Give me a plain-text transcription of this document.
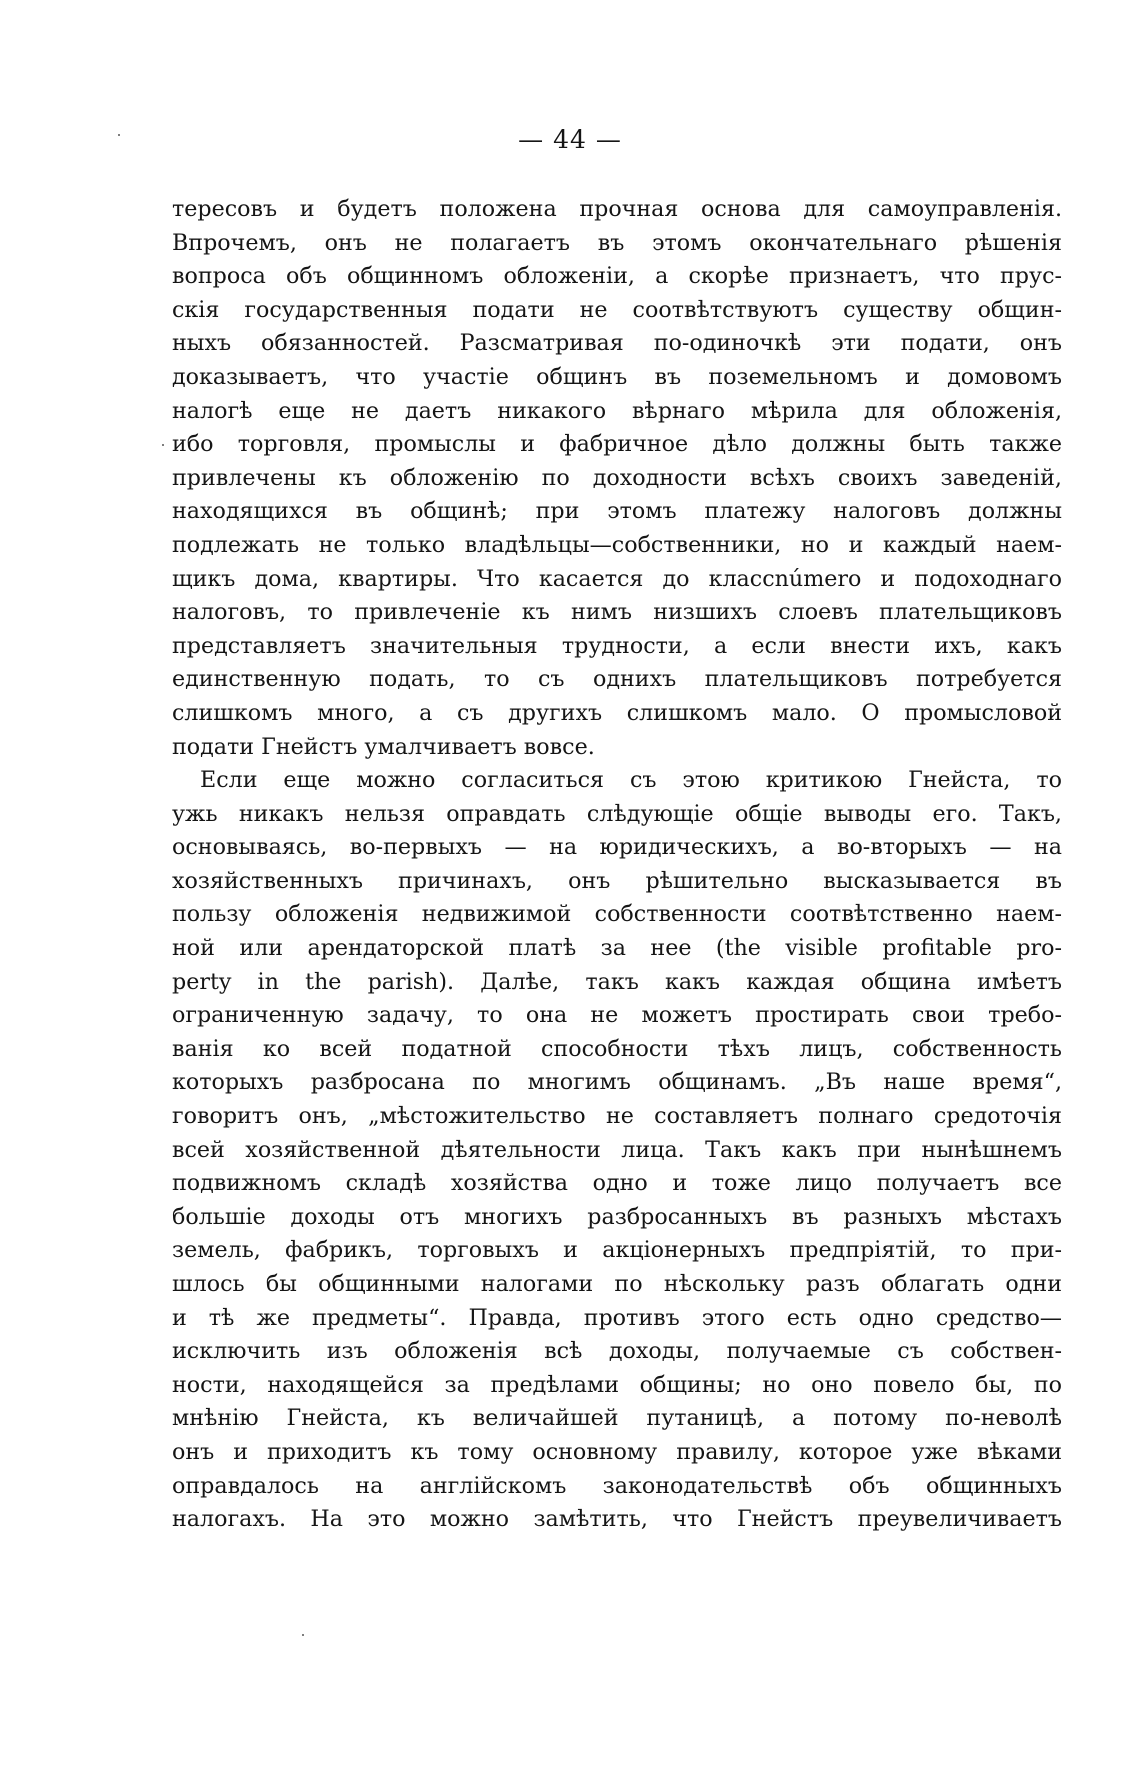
— 44 —
тересовъ и будетъ положена прочная основа для самоуправленія.
Впрочемъ, онъ не полагаетъ въ этомъ окончательнаго рѣшенія
вопроса объ общинномъ обложеніи, а скорѣе признаетъ, что прус-
скія государственныя подати не соотвѣтствуютъ существу общин-
ныхъ обязанностей. Разсматривая по-одиночкѣ эти подати, онъ
доказываетъ, что участіе общинъ въ поземельномъ и домовомъ
налогѣ еще не даетъ никакого вѣрнаго мѣрила для обложенія,
ибо торговля, промыслы и фабричное дѣло должны быть также
привлечены къ обложенію по доходности всѣхъ своихъ заведеній,
находящихся въ общинѣ; при этомъ платежу налоговъ должны
подлежать не только владѣльцы—собственники, но и каждый наем-
щикъ дома, квартиры. Что касается до классnúmero и подоходнаго
налоговъ, то привлеченіе къ нимъ низшихъ слоевъ плательщиковъ
представляетъ значительныя трудности, а если внести ихъ, какъ
единственную подать, то съ однихъ плательщиковъ потребуется
слишкомъ много, а съ другихъ слишкомъ мало. О промысловой
подати Гнейстъ умалчиваетъ вовсе.
Если еще можно согласиться съ этою критикою Гнейста, то
ужь никакъ нельзя оправдать слѣдующіе общіе выводы его. Такъ,
основываясь, во-первыхъ — на юридическихъ, а во-вторыхъ — на
хозяйственныхъ причинахъ, онъ рѣшительно высказывается въ
пользу обложенія недвижимой собственности соотвѣтственно наем-
ной или арендаторской платѣ за нее (the visible profitable pro-
perty in the parish). Далѣе, такъ какъ каждая община имѣетъ
ограниченную задачу, то она не можетъ простирать свои требо-
ванія ко всей податной способности тѣхъ лицъ, собственность
которыхъ разбросана по многимъ общинамъ. „Въ наше время“,
говоритъ онъ, „мѣстожительство не составляетъ полнаго средоточія
всей хозяйственной дѣятельности лица. Такъ какъ при нынѣшнемъ
подвижномъ складѣ хозяйства одно и тоже лицо получаетъ все
большіе доходы отъ многихъ разбросанныхъ въ разныхъ мѣстахъ
земель, фабрикъ, торговыхъ и акціонерныхъ предпріятій, то при-
шлось бы общинными налогами по нѣскольку разъ облагать одни
и тѣ же предметы“. Правда, противъ этого есть одно средство—
исключить изъ обложенія всѣ доходы, получаемые съ собствен-
ности, находящейся за предѣлами общины; но оно повело бы, по
мнѣнію Гнейста, къ величайшей путаницѣ, а потому по-неволѣ
онъ и приходитъ къ тому основному правилу, которое уже вѣками
оправдалось на англійскомъ законодательствѣ объ общинныхъ
налогахъ. На это можно замѣтить, что Гнейстъ преувеличиваетъ
